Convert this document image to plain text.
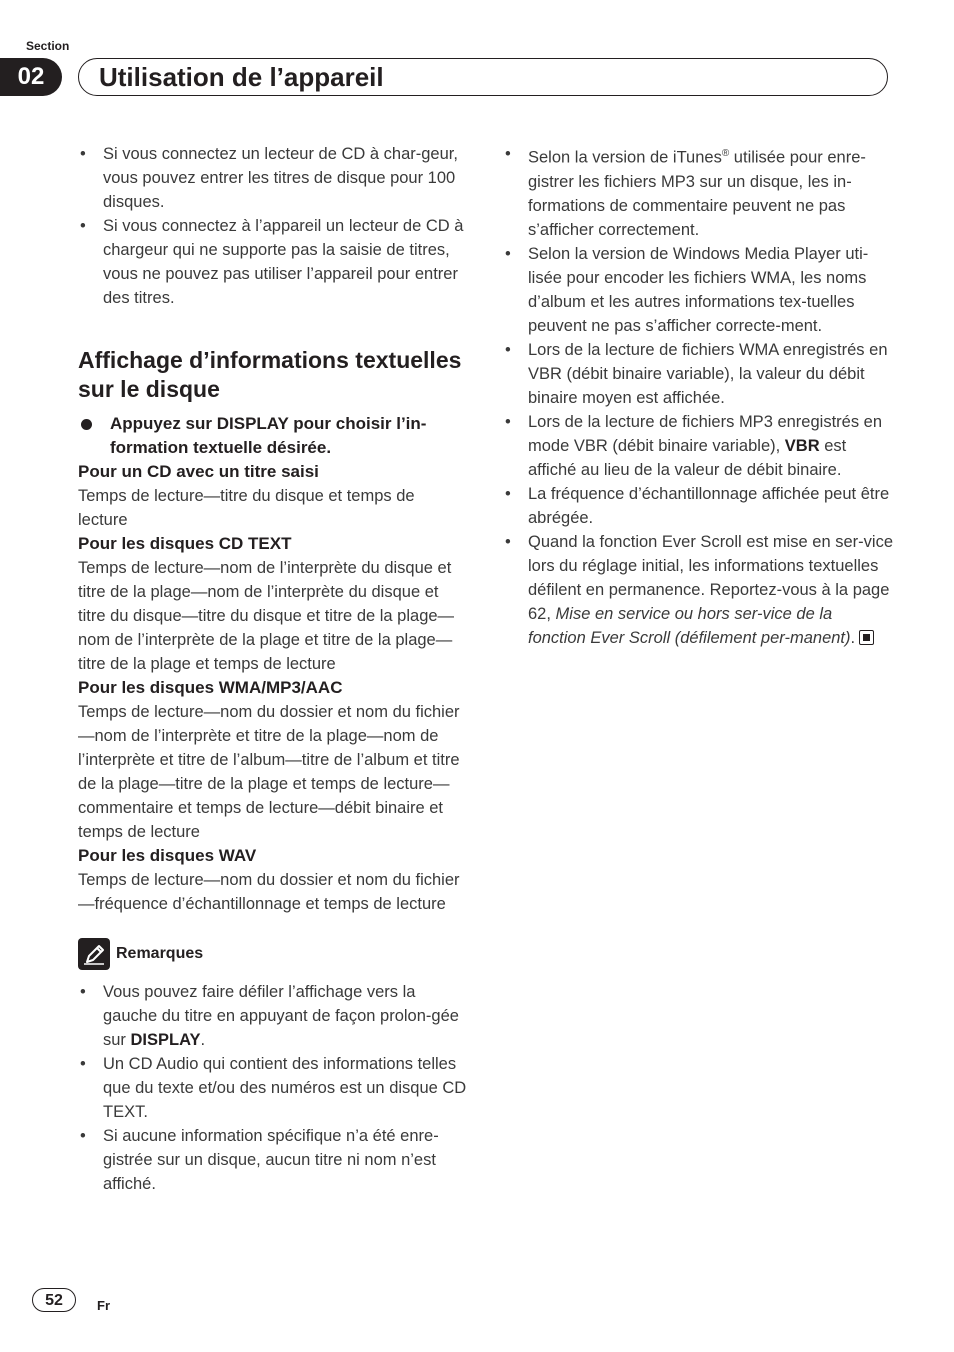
Section
02	Utilisation de l’appareil
• Si vous connectez un lecteur de CD à char-geur, vous pouvez entrer les titres de disque pour 100 disques.
• Si vous connectez à l’appareil un lecteur de CD à chargeur qui ne supporte pas la saisie de titres, vous ne pouvez pas utiliser l’appareil pour entrer des titres.
Affichage d’informations textuelles sur le disque
Appuyez sur DISPLAY pour choisir l’in-formation textuelle désirée.
Pour un CD avec un titre saisi
Temps de lecture—titre du disque et temps de lecture
Pour les disques CD TEXT
Temps de lecture—nom de l’interprète du disque et titre de la plage—nom de l’interprète du disque et titre du disque—titre du disque et titre de la plage—nom de l’interprète de la plage et titre de la plage—titre de la plage et temps de lecture
Pour les disques WMA/MP3/AAC
Temps de lecture—nom du dossier et nom du fichier—nom de l’interprète et titre de la plage—nom de l’interprète et titre de l’album—titre de l’album et titre de la plage—titre de la plage et temps de lecture—commentaire et temps de lecture—débit binaire et temps de lecture
Pour les disques WAV
Temps de lecture—nom du dossier et nom du fichier—fréquence d’échantillonnage et temps de lecture
Remarques
• Vous pouvez faire défiler l’affichage vers la gauche du titre en appuyant de façon prolon-gée sur DISPLAY.
• Un CD Audio qui contient des informations telles que du texte et/ou des numéros est un disque CD TEXT.
• Si aucune information spécifique n’a été enre-gistrée sur un disque, aucun titre ni nom n’est affiché.
• Selon la version de iTunes® utilisée pour enre-gistrer les fichiers MP3 sur un disque, les in-formations de commentaire peuvent ne pas s’afficher correctement.
• Selon la version de Windows Media Player uti-lisée pour encoder les fichiers WMA, les noms d’album et les autres informations tex-tuelles peuvent ne pas s’afficher correcte-ment.
• Lors de la lecture de fichiers WMA enregistrés en VBR (débit binaire variable), la valeur du débit binaire moyen est affichée.
• Lors de la lecture de fichiers MP3 enregistrés en mode VBR (débit binaire variable), VBR est affiché au lieu de la valeur de débit binaire.
• La fréquence d’échantillonnage affichée peut être abrégée.
• Quand la fonction Ever Scroll est mise en ser-vice lors du réglage initial, les informations textuelles défilent en permanence. Reportez-vous à la page 62, Mise en service ou hors ser-vice de la fonction Ever Scroll (défilement per-manent).
52	Fr
